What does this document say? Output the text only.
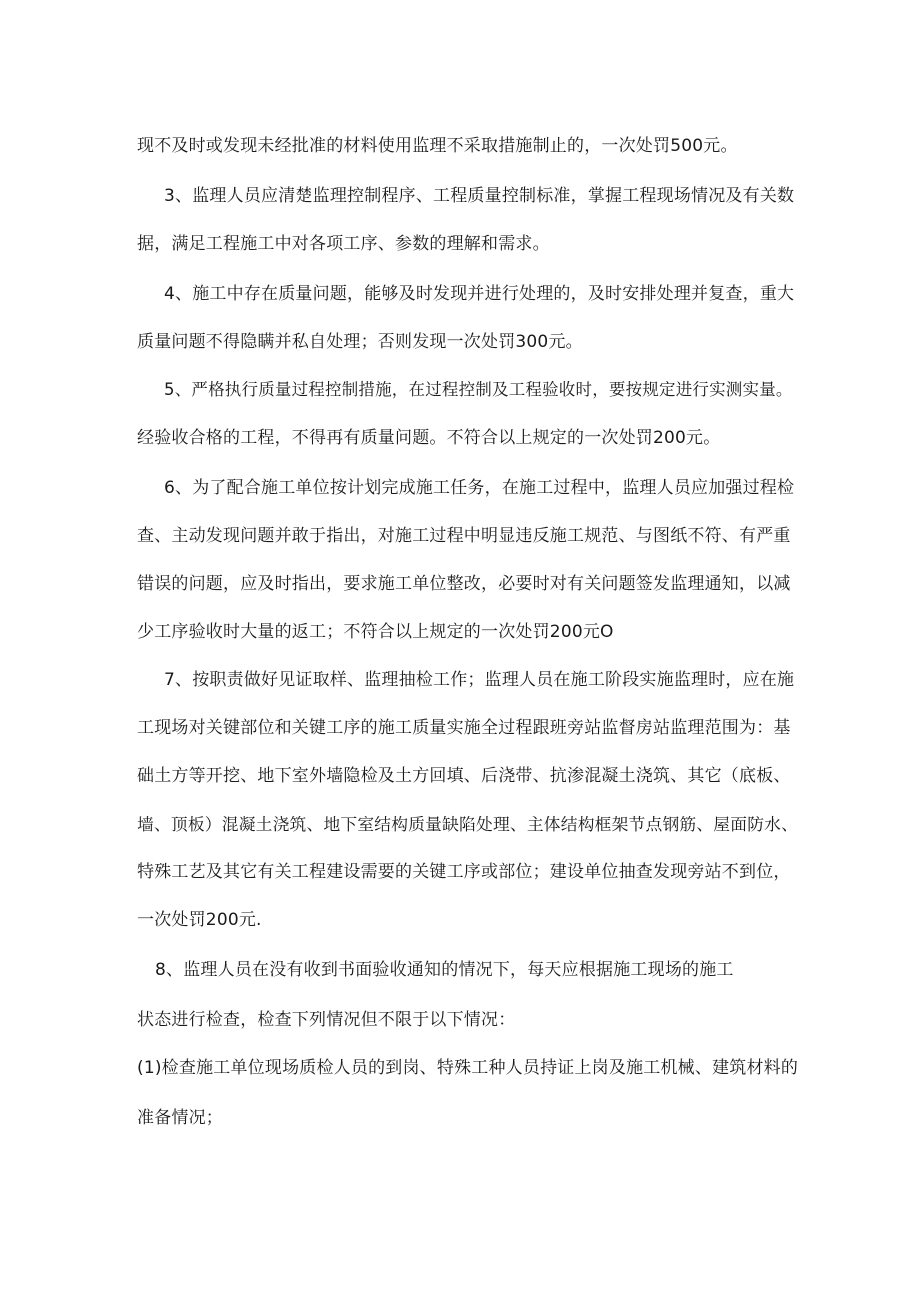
现不及时或发现未经批准的材料使用监理不采取措施制止的，一次处罚500元。
3、监理人员应清楚监理控制程序、工程质量控制标准，掌握工程现场情况及有关数
据，满足工程施工中对各项工序、参数的理解和需求。
4、施工中存在质量问题，能够及时发现并进行处理的，及时安排处理并复查，重大
质量问题不得隐瞒并私自处理；否则发现一次处罚300元。
5、严格执行质量过程控制措施，在过程控制及工程验收时，要按规定进行实测实量。
经验收合格的工程，不得再有质量问题。不符合以上规定的一次处罚200元。
6、为了配合施工单位按计划完成施工任务，在施工过程中，监理人员应加强过程检
查、主动发现问题并敢于指出，对施工过程中明显违反施工规范、与图纸不符、有严重
错误的问题，应及时指出，要求施工单位整改，必要时对有关问题签发监理通知，以减
少工序验收时大量的返工；不符合以上规定的一次处罚200元O
7、按职责做好见证取样、监理抽检工作；监理人员在施工阶段实施监理时，应在施
工现场对关键部位和关键工序的施工质量实施全过程跟班旁站监督房站监理范围为：基
础土方等开挖、地下室外墙隐检及土方回填、后浇带、抗渗混凝土浇筑、其它（底板、
墙、顶板）混凝土浇筑、地下室结构质量缺陷处理、主体结构框架节点钢筋、屋面防水、
特殊工艺及其它有关工程建设需要的关键工序或部位；建设单位抽查发现旁站不到位，
一次处罚200元.
8、监理人员在没有收到书面验收通知的情况下，每天应根据施工现场的施工
状态进行检查，检查下列情况但不限于以下情况：
(1)检查施工单位现场质检人员的到岗、特殊工种人员持证上岗及施工机械、建筑材料的
准备情况；
